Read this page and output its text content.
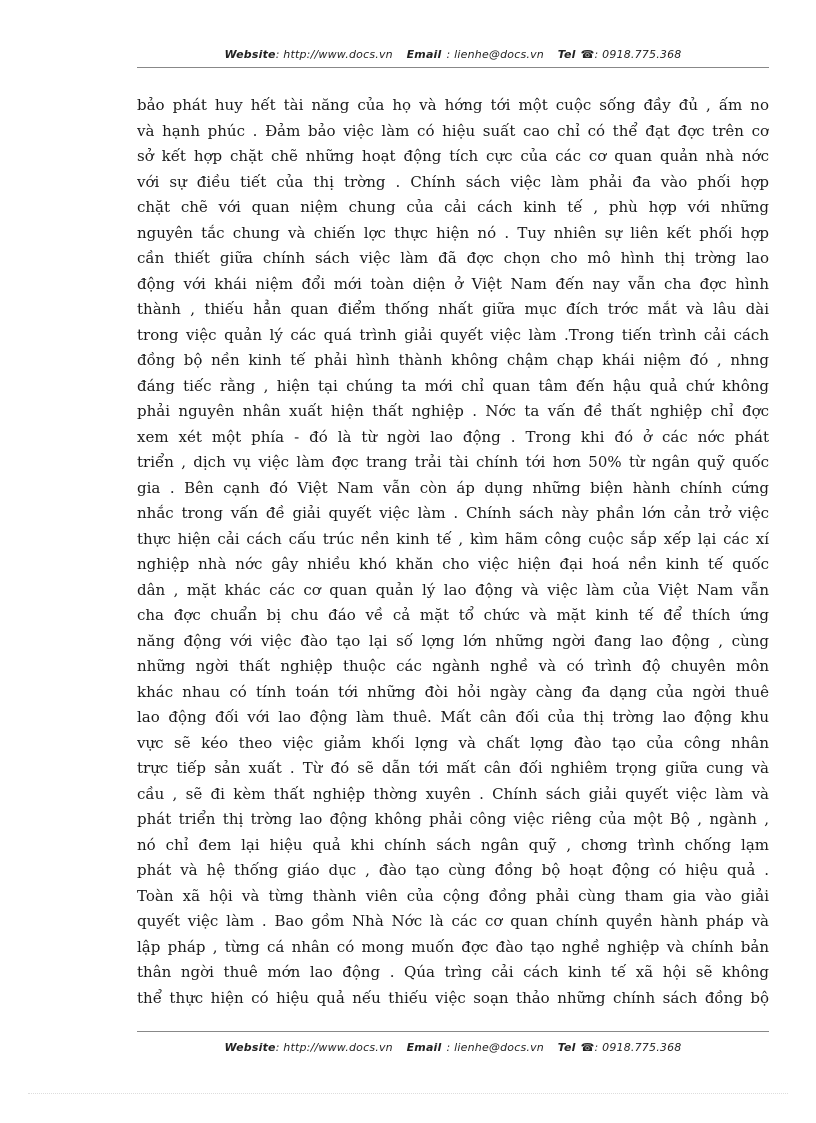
Website: http://www.docs.vn Email : lienhe@docs.vn Tel ☎: 0918.775.368
bảo phát huy hết tài năng của họ và hớng tới một cuộc sống đầy đủ , ấm no
và hạnh phúc . Đảm bảo việc làm có hiệu suất cao chỉ có thể đạt đợc trên cơ
sở kết hợp chặt chẽ những hoạt động tích cực của các cơ quan quản nhà nớc
với sự điều tiết của thị trờng . Chính sách việc làm phải đa vào phối hợp
chặt chẽ với quan niệm chung của cải cách kinh tế , phù hợp với những
nguyên tắc chung và chiến lợc thực hiện nó . Tuy nhiên sự liên kết phối hợp
cần thiết giữa chính sách việc làm đã đợc chọn cho mô hình thị trờng lao
động với khái niệm đổi mới toàn diện ở Việt Nam đến nay vẫn cha đợc hình
thành , thiếu hẳn quan điểm thống nhất giữa mục đích trớc mắt và lâu dài
trong việc quản lý các quá trình giải quyết việc làm .Trong tiến trình cải cách
đồng bộ nền kinh tế phải hình thành không chậm chạp khái niệm đó , nhng
đáng tiếc rằng , hiện tại chúng ta mới chỉ quan tâm đến hậu quả chứ không
phải nguyên nhân xuất hiện thất nghiệp . Nớc ta vấn đề thất nghiệp chỉ đợc
xem xét một phía - đó là từ ngời lao động . Trong khi đó ở các nớc phát
triển , dịch vụ việc làm đợc trang trải tài chính tới hơn 50% từ ngân quỹ quốc
gia . Bên cạnh đó Việt Nam vẫn còn áp dụng những biện hành chính cứng
nhắc trong vấn đề giải quyết việc làm . Chính sách này phần lớn cản trở việc
thực hiện cải cách cấu trúc nền kinh tế , kìm hãm công cuộc sắp xếp lại các xí
nghiệp nhà nớc gây nhiều khó khăn cho việc hiện đại hoá nền kinh tế quốc
dân , mặt khác các cơ quan quản lý lao động và việc làm của Việt Nam vẫn
cha đợc chuẩn bị chu đáo về cả mặt tổ chức và mặt kinh tế để thích ứng
năng động với việc đào tạo lại số lợng lớn những ngời đang lao động , cùng
những ngời thất nghiệp thuộc các ngành nghề và có trình độ chuyên môn
khác nhau có tính toán tới những đòi hỏi ngày càng đa dạng của ngời thuê
lao động đối với lao động làm thuê. Mất cân đối của thị trờng lao động khu
vực sẽ kéo theo việc giảm khối lợng và chất lợng đào tạo của công nhân
trực tiếp sản xuất . Từ đó sẽ dẫn tới mất cân đối nghiêm trọng giữa cung và
cầu , sẽ đi kèm thất nghiệp thờng xuyên . Chính sách giải quyết việc làm và
phát triển thị trờng lao động không phải công việc riêng của một Bộ , ngành ,
nó chỉ đem lại hiệu quả khi chính sách ngân quỹ , chơng trình chống lạm
phát và hệ thống giáo dục , đào tạo cùng đồng bộ hoạt động có hiệu quả .
Toàn xã hội và từng thành viên của cộng đồng phải cùng tham gia vào giải
quyết việc làm . Bao gồm Nhà Nớc là các cơ quan chính quyền hành pháp và
lập pháp , từng cá nhân có mong muốn đợc đào tạo nghề nghiệp và chính bản
thân ngời thuê mớn lao động . Qúa trìng cải cách kinh tế xã hội sẽ không
thể thực hiện có hiệu quả nếu thiếu việc soạn thảo những chính sách đồng bộ
Website: http://www.docs.vn Email : lienhe@docs.vn Tel ☎: 0918.775.368
